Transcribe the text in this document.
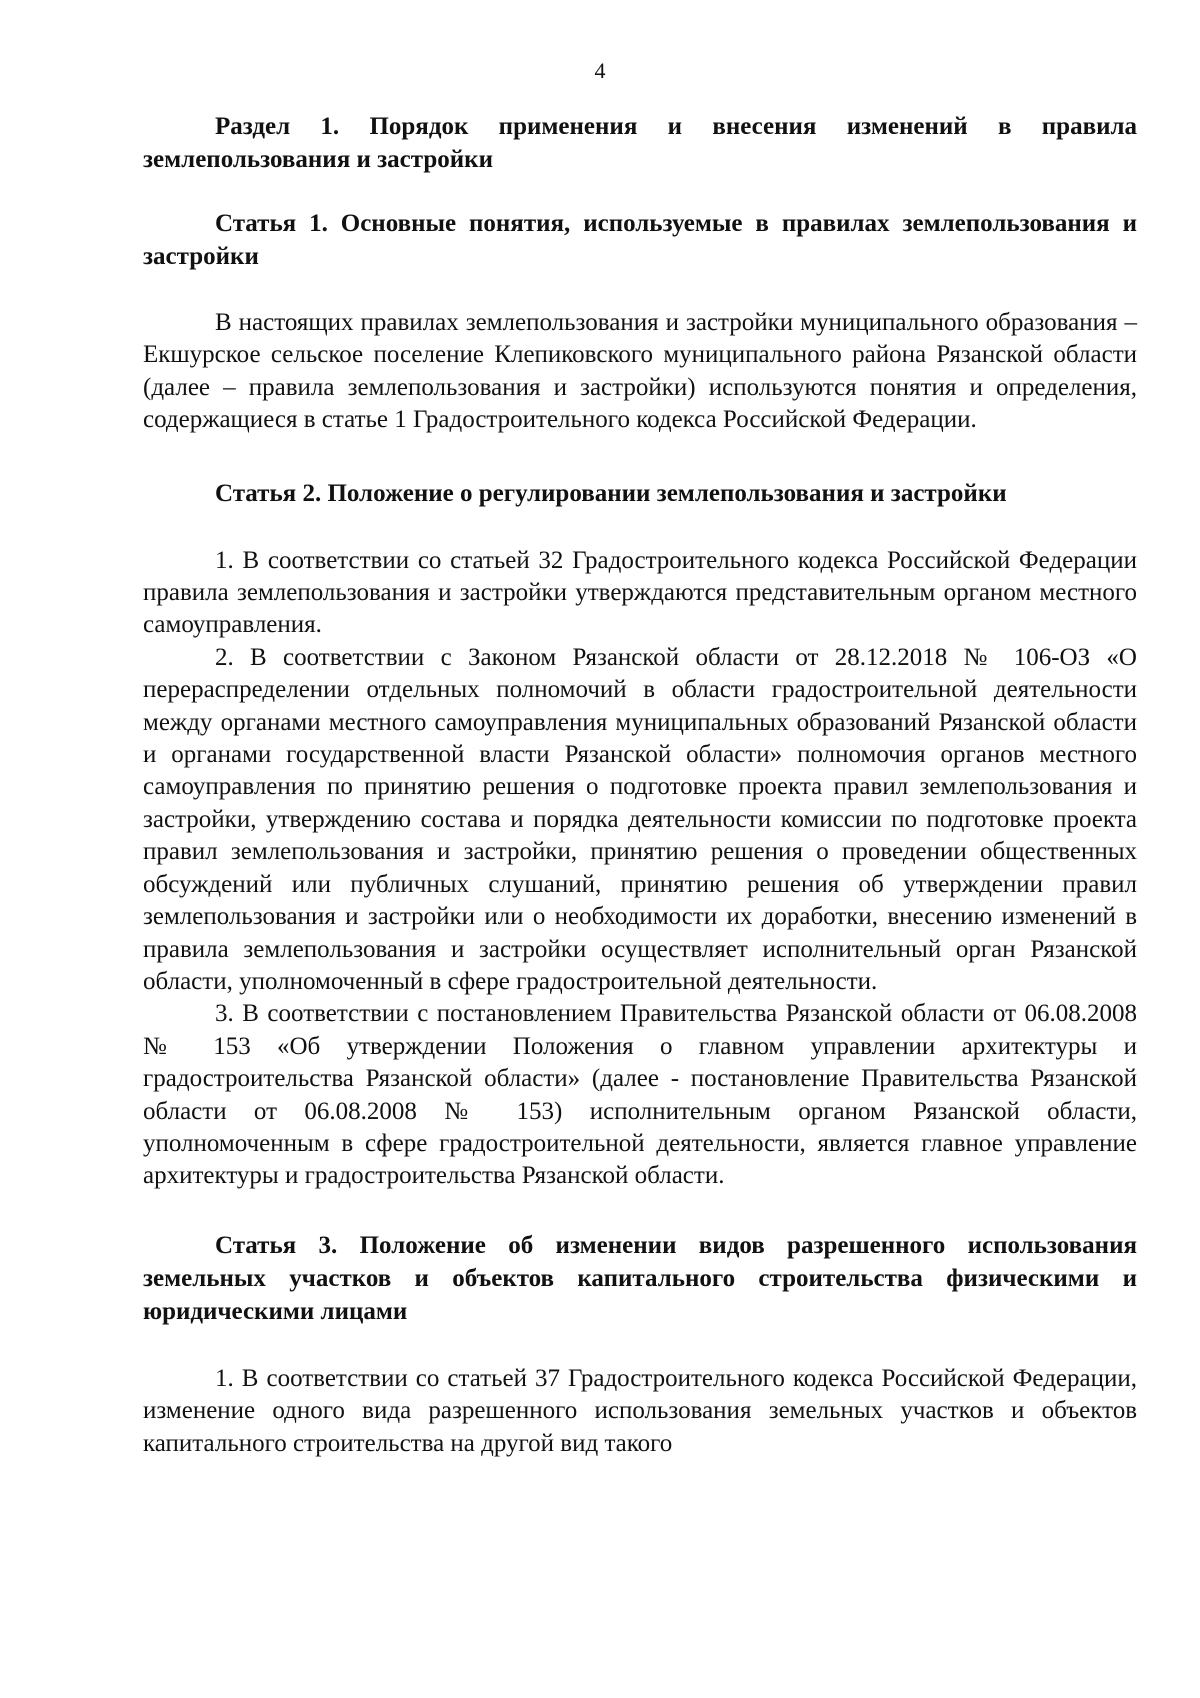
4

Раздел 1. Порядок применения и внесения изменений в правила землепользования и застройки

Статья 1. Основные понятия, используемые в правилах землепользования и застройки

В настоящих правилах землепользования и застройки муниципального образования – Екшурское сельское поселение Клепиковского муниципального района Рязанской области (далее – правила землепользования и застройки) используются понятия и определения, содержащиеся в статье 1 Градостроительного кодекса Российской Федерации.

Статья 2. Положение о регулировании землепользования и застройки

1. В соответствии со статьей 32 Градостроительного кодекса Российской Федерации правила землепользования и застройки утверждаются представительным органом местного самоуправления.

2. В соответствии с Законом Рязанской области от 28.12.2018 № 106-ОЗ «О перераспределении отдельных полномочий в области градостроительной деятельности между органами местного самоуправления муниципальных образований Рязанской области и органами государственной власти Рязанской области» полномочия органов местного самоуправления по принятию решения о подготовке проекта правил землепользования и застройки, утверждению состава и порядка деятельности комиссии по подготовке проекта правил землепользования и застройки, принятию решения о проведении общественных обсуждений или публичных слушаний, принятию решения об утверждении правил землепользования и застройки или о необходимости их доработки, внесению изменений в правила землепользования и застройки осуществляет исполнительный орган Рязанской области, уполномоченный в сфере градостроительной деятельности.

3. В соответствии с постановлением Правительства Рязанской области от 06.08.2008 № 153 «Об утверждении Положения о главном управлении архитектуры и градостроительства Рязанской области» (далее - постановление Правительства Рязанской области от 06.08.2008 № 153) исполнительным органом Рязанской области, уполномоченным в сфере градостроительной деятельности, является главное управление архитектуры и градостроительства Рязанской области.

Статья 3. Положение об изменении видов разрешенного использования земельных участков и объектов капитального строительства физическими и юридическими лицами

1. В соответствии со статьей 37 Градостроительного кодекса Российской Федерации, изменение одного вида разрешенного использования земельных участков и объектов капитального строительства на другой вид такого
